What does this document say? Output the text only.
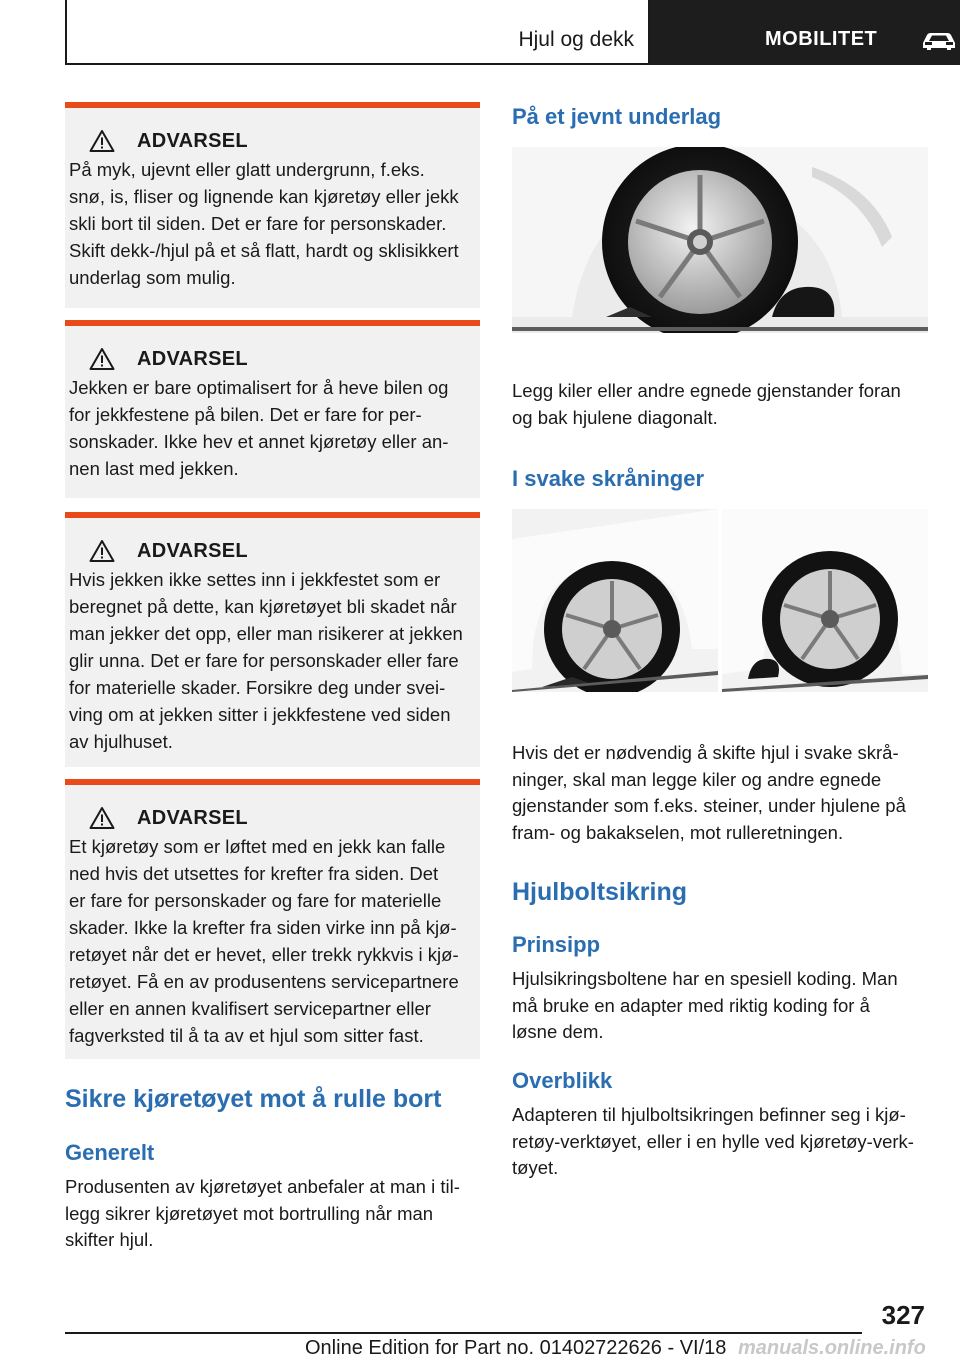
Hjul og dekk	MOBILITET
ADVARSEL
På myk, ujevnt eller glatt undergrunn, f.eks.
snø, is, fliser og lignende kan kjøretøy eller jekk
skli bort til siden. Det er fare for personskader.
Skift dekk-/hjul på et så flatt, hardt og sklisikkert
underlag som mulig.
ADVARSEL
Jekken er bare optimalisert for å heve bilen og
for jekkfestene på bilen. Det er fare for per-
sonskader. Ikke hev et annet kjøretøy eller an-
nen last med jekken.
ADVARSEL
Hvis jekken ikke settes inn i jekkfestet som er
beregnet på dette, kan kjøretøyet bli skadet når
man jekker det opp, eller man risikerer at jekken
glir unna. Det er fare for personskader eller fare
for materielle skader. Forsikre deg under svei-
ving om at jekken sitter i jekkfestene ved siden
av hjulhuset.
ADVARSEL
Et kjøretøy som er løftet med en jekk kan falle
ned hvis det utsettes for krefter fra siden. Det
er fare for personskader og fare for materielle
skader. Ikke la krefter fra siden virke inn på kjø-
retøyet når det er hevet, eller trekk rykkvis i kjø-
retøyet. Få en av produsentens servicepartnere
eller en annen kvalifisert servicepartner eller
fagverksted til å ta av et hjul som sitter fast.
Sikre kjøretøyet mot å rulle bort
Generelt
Produsenten av kjøretøyet anbefaler at man i til-
legg sikrer kjøretøyet mot bortrulling når man
skifter hjul.
På et jevnt underlag
Legg kiler eller andre egnede gjenstander foran
og bak hjulene diagonalt.
I svake skråninger
Hvis det er nødvendig å skifte hjul i svake skrå-
ninger, skal man legge kiler og andre egnede
gjenstander som f.eks. steiner, under hjulene på
fram- og bakakselen, mot rulleretningen.
Hjulboltsikring
Prinsipp
Hjulsikringsboltene har en spesiell koding. Man
må bruke en adapter med riktig koding for å
løsne dem.
Overblikk
Adapteren til hjulboltsikringen befinner seg i kjø-
retøy-verktøyet, eller i en hylle ved kjøretøy-verk-
tøyet.
327
Online Edition for Part no. 01402722626 - VI/18 manuals.online.info
